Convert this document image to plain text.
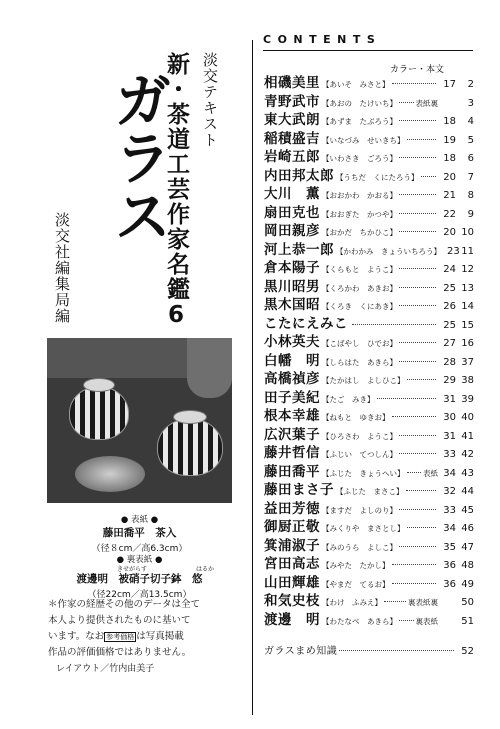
淡交テキスト
新・茶道工芸作家名鑑6
ガラス
淡交社編集局編
● 表紙 ●
藤田喬平　茶入
（径８cm／高6.3cm）
● 裏表紙 ●
きせがらす	はるか
渡邊明　被硝子切子鉢　悠
（径22cm／高13.5cm）
＊作家の経歴その他のデータは全て
本人より提供されたものに基いて
います。なお 参考価格 は写真掲載
作品の評価価格ではありません。
レイアウト／竹内由美子
CONTENTS
カラー・本文
相磯美里 【あいそ　みさと】	17	2
青野武市 【あおの　たけいち】 表紙裏	3
東大武朗 【あずま　たぶろう】	18	4
稲積盛吉 【いなづみ　せいきち】	19	5
岩崎五郎 【いわさき　ごろう】	18	6
内田邦太郎 【うちだ　くにたろう】	20	7
大川　薫 【おおかわ　かおる】	21	8
扇田克也 【おおぎた　かつや】	22	9
岡田親彦 【おかだ　ちかひこ】	20 10
河上恭一郎 【かわかみ　きょういちろう】 23 11
倉本陽子 【くらもと　ようこ】	24 12
黒川昭男 【くろかわ　あきお】	25 13
黒木国昭 【くろき　くにあき】	26 14
こたにえみこ	25 15
小林英夫 【こばやし　ひでお】	27 16
白幡　明 【しらはた　あきら】	28 37
高橋禎彦 【たかはし　よしひこ】	29 38
田子美紀 【たご　みき】	31 39
根本幸雄 【ねもと　ゆきお】	30 40
広沢葉子 【ひろさわ　ようこ】	31 41
藤井哲信 【ふじい　てつしん】	33 42
藤田喬平 【ふじた　きょうへい】 表紙 34 43
藤田まさ子 【ふじた　まさこ】	32 44
益田芳徳 【ますだ　よしのり】	33 45
御厨正敬 【みくりや　まさとし】	34 46
箕浦淑子 【みのうら　よしこ】	35 47
宮田高志 【みやた　たかし】	36 48
山田輝雄 【やまだ　てるお】	36 49
和気史枝 【わけ　ふみえ】	裏表紙裏	50
渡邊　明 【わたなべ　あきら】 裏表紙	51
ガラスまめ知識	52
